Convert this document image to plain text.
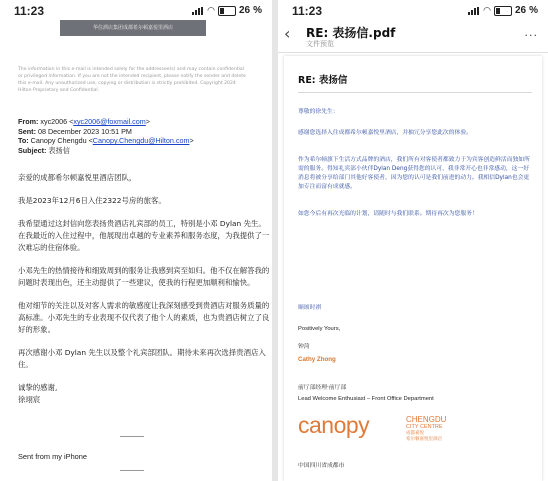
11:23	◠ 26 %
华住酒店集团成都希尔顿嘉悦里酒店
The information in this e-mail is intended solely for the addressee(s) and may contain confidential or privileged information. If you are not the intended recipient, please notify the sender and delete this e-mail. Any unauthorized use, copying or distribution is strictly prohibited. Copyright 2024 Hilton Proprietary and Confidential.
From: xyc2006 <xyc2006@foxmail.com>
Sent: 08 December 2023 10:51 PM
To: Canopy Chengdu <Canopy.Chengdu@Hilton.com>
Subject: 表扬信

亲爱的成都希尔顿嘉悦里酒店团队，

我是2023年12月6日入住2322号房的旅客。

我希望通过这封信向您表扬贵酒店礼宾部的员工，特别是小邓 Dylan 先生。在我最近的入住过程中，他展现出卓越的专业素养和服务态度，为我提供了一次难忘的住宿体验。

小邓先生的热情接待和细致周到的服务让我感到宾至如归。他不仅在解答我的问题时表现出色，还主动提供了一些建议，使我的行程更加顺利和愉快。

他对细节的关注以及对客人需求的敏感度让我深刻感受到贵酒店对服务质量的高标准。小邓先生的专业表现不仅代表了他个人的素质，也为贵酒店树立了良好的形象。

再次感谢小邓 Dylan 先生以及整个礼宾部团队。期待未来再次选择贵酒店入住。

诚挚的感谢,
徐翊宸

Sent from my iPhone
11:23	◠ 26 %
‹ RE: 表扬信.pdf
文件预览
...
RE: 表扬信

尊敬的徐先生：

感谢您选择入住成都希尔顿嘉悦里酒店，并抽冗分享您此次的体验。

作为希尔顿旗下生活方式品牌的酒店，我们所有对客使者都致力于为宾客创造鲜活而独如所需的服务。得知礼宾部小伙伴Dylan Deng获得您的认可，我非常开心也非常感动，这一好消息将被分享给部门其他好客使者，因为您的认可是我们前进的动力。我相信Dylan也会更加专注而富有成就感。

如您今后有再次光临的计划，请随时与我们联系。期待再次为您服务！

顺颂时祺
Positively Yours,
钟菏
Cathy Zhong
前厅部经理·前厅部
Lead Welcome Enthusiast – Front Office Department
canopy	CHENGDU
CITY CENTRE
成都嘉悦
希尔顿嘉悦里酒店
中国四川省成都市
